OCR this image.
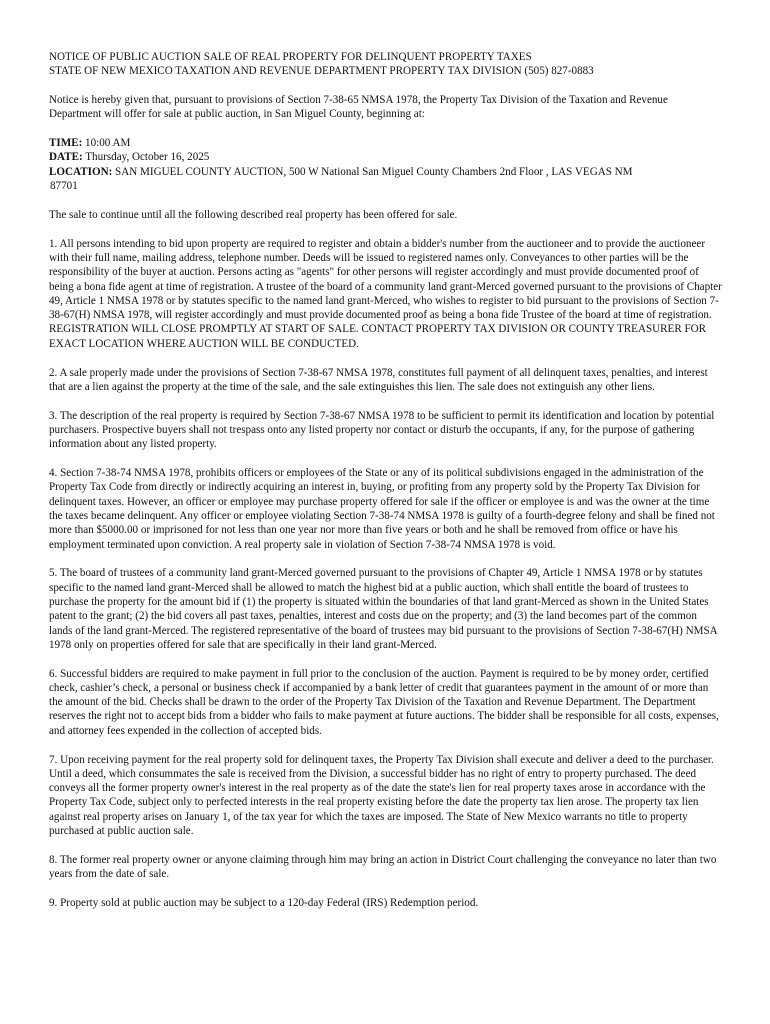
NOTICE OF PUBLIC AUCTION SALE OF REAL PROPERTY FOR DELINQUENT PROPERTY TAXES

STATE OF NEW MEXICO TAXATION AND REVENUE DEPARTMENT PROPERTY TAX DIVISION (505) 827-0883

Notice is hereby given that, pursuant to provisions of Section 7-38-65 NMSA 1978, the Property Tax Division of the Taxation and Revenue Department will offer for sale at public auction, in San Miguel County, beginning at:

TIME: 10:00 AM

DATE: Thursday, October 16, 2025

LOCATION: SAN MIGUEL COUNTY AUCTION, 500 W National San Miguel County Chambers 2nd Floor , LAS VEGAS NM

87701

The sale to continue until all the following described real property has been offered for sale.

1. All persons intending to bid upon property are required to register and obtain a bidder's number from the auctioneer and to provide the auctioneer with their full name, mailing address, telephone number. Deeds will be issued to registered names only. Conveyances to other parties will be the responsibility of the buyer at auction. Persons acting as "agents" for other persons will register accordingly and must provide documented proof of being a bona fide agent at time of registration. A trustee of the board of a community land grant-Merced governed pursuant to the provisions of Chapter 49, Article 1 NMSA 1978 or by statutes specific to the named land grant-Merced, who wishes to register to bid pursuant to the provisions of Section 7-38-67(H) NMSA 1978, will register accordingly and must provide documented proof as being a bona fide Trustee of the board at time of registration. REGISTRATION WILL CLOSE PROMPTLY AT START OF SALE. CONTACT PROPERTY TAX DIVISION OR COUNTY TREASURER FOR EXACT LOCATION WHERE AUCTION WILL BE CONDUCTED.

2. A sale properly made under the provisions of Section 7-38-67 NMSA 1978, constitutes full payment of all delinquent taxes, penalties, and interest that are a lien against the property at the time of the sale, and the sale extinguishes this lien. The sale does not extinguish any other liens.

3. The description of the real property is required by Section 7-38-67 NMSA 1978 to be sufficient to permit its identification and location by potential purchasers. Prospective buyers shall not trespass onto any listed property nor contact or disturb the occupants, if any, for the purpose of gathering information about any listed property.

4. Section 7-38-74 NMSA 1978, prohibits officers or employees of the State or any of its political subdivisions engaged in the administration of the Property Tax Code from directly or indirectly acquiring an interest in, buying, or profiting from any property sold by the Property Tax Division for delinquent taxes. However, an officer or employee may purchase property offered for sale if the officer or employee is and was the owner at the time the taxes became delinquent. Any officer or employee violating Section 7-38-74 NMSA 1978 is guilty of a fourth-degree felony and shall be fined not more than $5000.00 or imprisoned for not less than one year nor more than five years or both and he shall be removed from office or have his employment terminated upon conviction. A real property sale in violation of Section 7-38-74 NMSA 1978 is void.

5. The board of trustees of a community land grant-Merced governed pursuant to the provisions of Chapter 49, Article 1 NMSA 1978 or by statutes specific to the named land grant-Merced shall be allowed to match the highest bid at a public auction, which shall entitle the board of trustees to purchase the property for the amount bid if (1) the property is situated within the boundaries of that land grant-Merced as shown in the United States patent to the grant; (2) the bid covers all past taxes, penalties, interest and costs due on the property; and (3) the land becomes part of the common lands of the land grant-Merced. The registered representative of the board of trustees may bid pursuant to the provisions of Section 7-38-67(H) NMSA 1978 only on properties offered for sale that are specifically in their land grant-Merced.

6. Successful bidders are required to make payment in full prior to the conclusion of the auction. Payment is required to be by money order, certified check, cashier’s check, a personal or business check if accompanied by a bank letter of credit that guarantees payment in the amount of or more than the amount of the bid. Checks shall be drawn to the order of the Property Tax Division of the Taxation and Revenue Department. The Department reserves the right not to accept bids from a bidder who fails to make payment at future auctions. The bidder shall be responsible for all costs, expenses, and attorney fees expended in the collection of accepted bids.

7. Upon receiving payment for the real property sold for delinquent taxes, the Property Tax Division shall execute and deliver a deed to the purchaser. Until a deed, which consummates the sale is received from the Division, a successful bidder has no right of entry to property purchased. The deed conveys all the former property owner's interest in the real property as of the date the state's lien for real property taxes arose in accordance with the Property Tax Code, subject only to perfected interests in the real property existing before the date the property tax lien arose. The property tax lien against real property arises on January 1, of the tax year for which the taxes are imposed. The State of New Mexico warrants no title to property purchased at public auction sale.

8. The former real property owner or anyone claiming through him may bring an action in District Court challenging the conveyance no later than two years from the date of sale.

9. Property sold at public auction may be subject to a 120-day Federal (IRS) Redemption period.
